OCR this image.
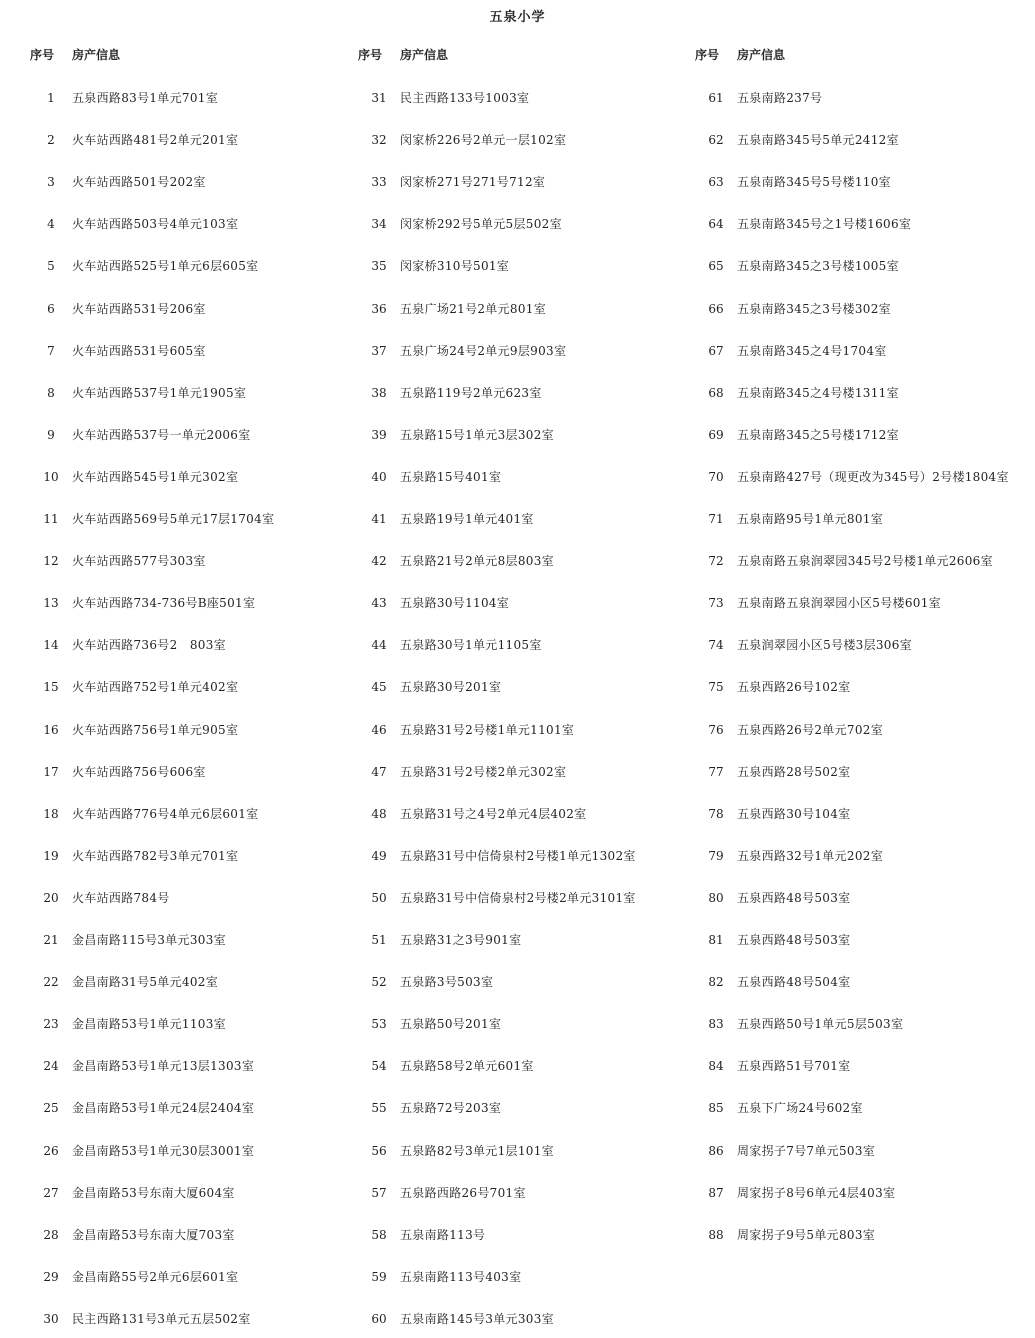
五泉小学
序号 房产信息
1 五泉西路83号1单元701室
2 火车站西路481号2单元201室
3 火车站西路501号202室
4 火车站西路503号4单元103室
5 火车站西路525号1单元6层605室
6 火车站西路531号206室
7 火车站西路531号605室
8 火车站西路537号1单元1905室
9 火车站西路537号一单元2006室
10 火车站西路545号1单元302室
11 火车站西路569号5单元17层1704室
12 火车站西路577号303室
13 火车站西路734-736号B座501室
14 火车站西路736号2　803室
15 火车站西路752号1单元402室
16 火车站西路756号1单元905室
17 火车站西路756号606室
18 火车站西路776号4单元6层601室
19 火车站西路782号3单元701室
20 火车站西路784号
21 金昌南路115号3单元303室
22 金昌南路31号5单元402室
23 金昌南路53号1单元1103室
24 金昌南路53号1单元13层1303室
25 金昌南路53号1单元24层2404室
26 金昌南路53号1单元30层3001室
27 金昌南路53号东南大厦604室
28 金昌南路53号东南大厦703室
29 金昌南路55号2单元6层601室
30 民主西路131号3单元五层502室
序号 房产信息
31 民主西路133号1003室
32 闵家桥226号2单元一层102室
33 闵家桥271号271号712室
34 闵家桥292号5单元5层502室
35 闵家桥310号501室
36 五泉广场21号2单元801室
37 五泉广场24号2单元9层903室
38 五泉路119号2单元623室
39 五泉路15号1单元3层302室
40 五泉路15号401室
41 五泉路19号1单元401室
42 五泉路21号2单元8层803室
43 五泉路30号1104室
44 五泉路30号1单元1105室
45 五泉路30号201室
46 五泉路31号2号楼1单元1101室
47 五泉路31号2号楼2单元302室
48 五泉路31号之4号2单元4层402室
49 五泉路31号中信倚泉村2号楼1单元1302室
50 五泉路31号中信倚泉村2号楼2单元3101室
51 五泉路31之3号901室
52 五泉路3号503室
53 五泉路50号201室
54 五泉路58号2单元601室
55 五泉路72号203室
56 五泉路82号3单元1层101室
57 五泉路西路26号701室
58 五泉南路113号
59 五泉南路113号403室
60 五泉南路145号3单元303室
序号 房产信息
61 五泉南路237号
62 五泉南路345号5单元2412室
63 五泉南路345号5号楼110室
64 五泉南路345号之1号楼1606室
65 五泉南路345之3号楼1005室
66 五泉南路345之3号楼302室
67 五泉南路345之4号1704室
68 五泉南路345之4号楼1311室
69 五泉南路345之5号楼1712室
70 五泉南路427号（现更改为345号）2号楼1804室
71 五泉南路95号1单元801室
72 五泉南路五泉润翠园345号2号楼1单元2606室
73 五泉南路五泉润翠园小区5号楼601室
74 五泉润翠园小区5号楼3层306室
75 五泉西路26号102室
76 五泉西路26号2单元702室
77 五泉西路28号502室
78 五泉西路30号104室
79 五泉西路32号1单元202室
80 五泉西路48号503室
81 五泉西路48号503室
82 五泉西路48号504室
83 五泉西路50号1单元5层503室
84 五泉西路51号701室
85 五泉下广场24号602室
86 周家拐子7号7单元503室
87 周家拐子8号6单元4层403室
88 周家拐子9号5单元803室
